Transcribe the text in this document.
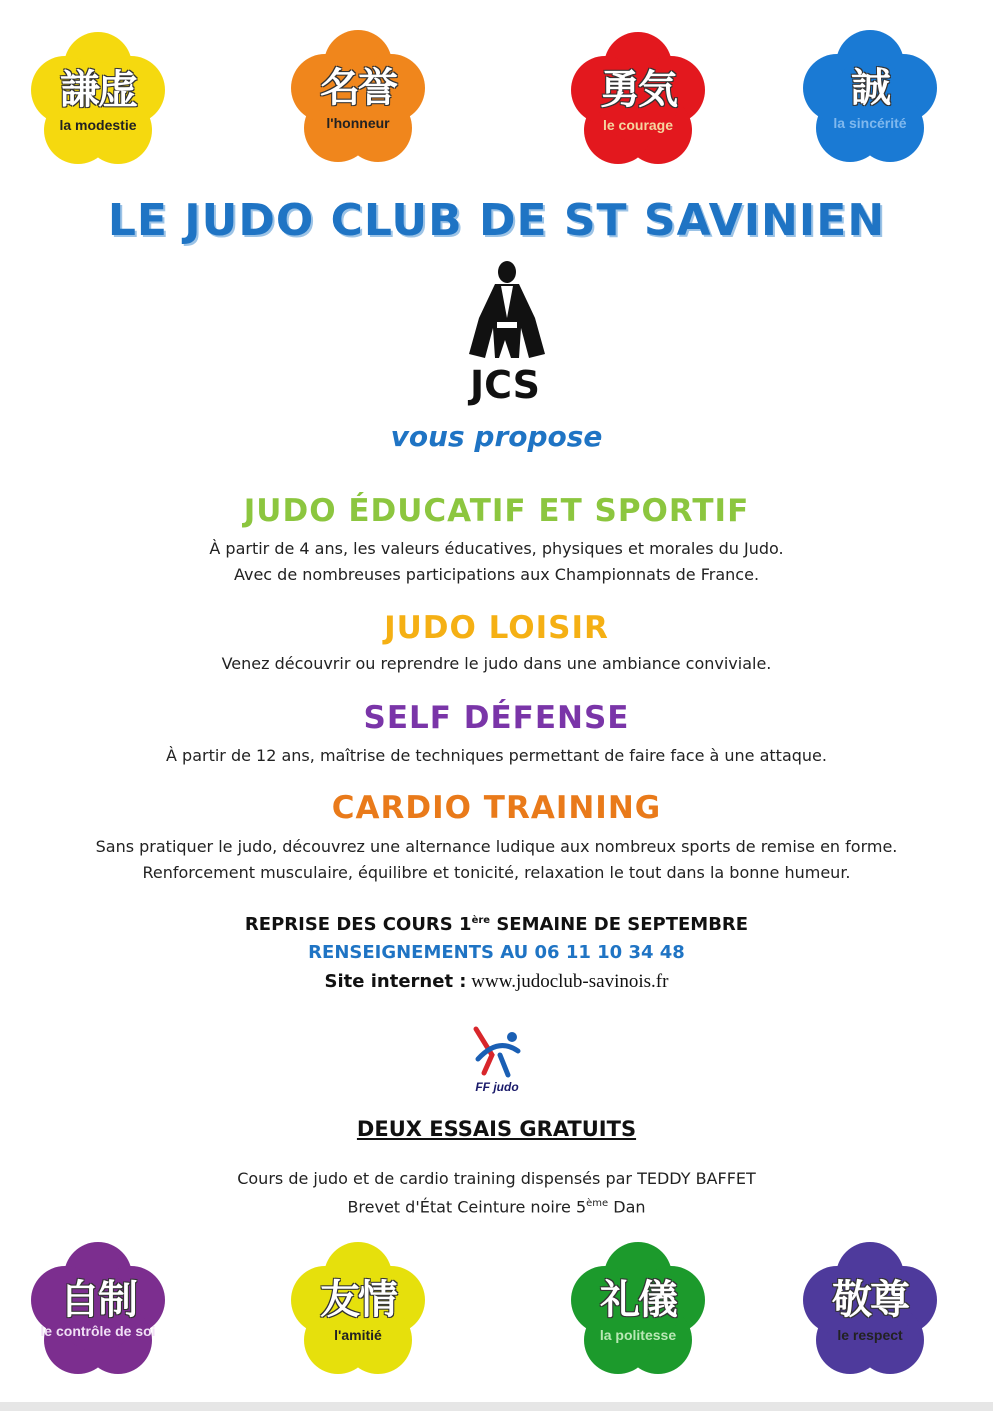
謙虚
la modestie
名誉
l'honneur
勇気
le courage
誠
la sincérité
LE JUDO CLUB DE ST SAVINIEN
JCS
vous propose
JUDO ÉDUCATIF ET SPORTIF
À partir de 4 ans, les valeurs éducatives, physiques et morales du Judo.
Avec de nombreuses participations aux Championnats de France.
JUDO LOISIR
Venez découvrir ou reprendre le judo dans une ambiance conviviale.
SELF DÉFENSE
À partir de 12 ans, maîtrise de techniques permettant de faire face à une attaque.
CARDIO TRAINING
Sans pratiquer le judo, découvrez une alternance ludique aux nombreux sports de remise en forme.
Renforcement musculaire, équilibre et tonicité, relaxation le tout dans la bonne humeur.
REPRISE DES COURS 1ère SEMAINE DE SEPTEMBRE
RENSEIGNEMENTS AU 06 11 10 34 48
Site internet : www.judoclub-savinois.fr
FF judo
DEUX ESSAIS GRATUITS
Cours de judo et de cardio training dispensés par TEDDY BAFFET
Brevet d'État Ceinture noire 5ème Dan
自制
le contrôle de soi
友情
l'amitié
礼儀
la politesse
敬尊
le respect
